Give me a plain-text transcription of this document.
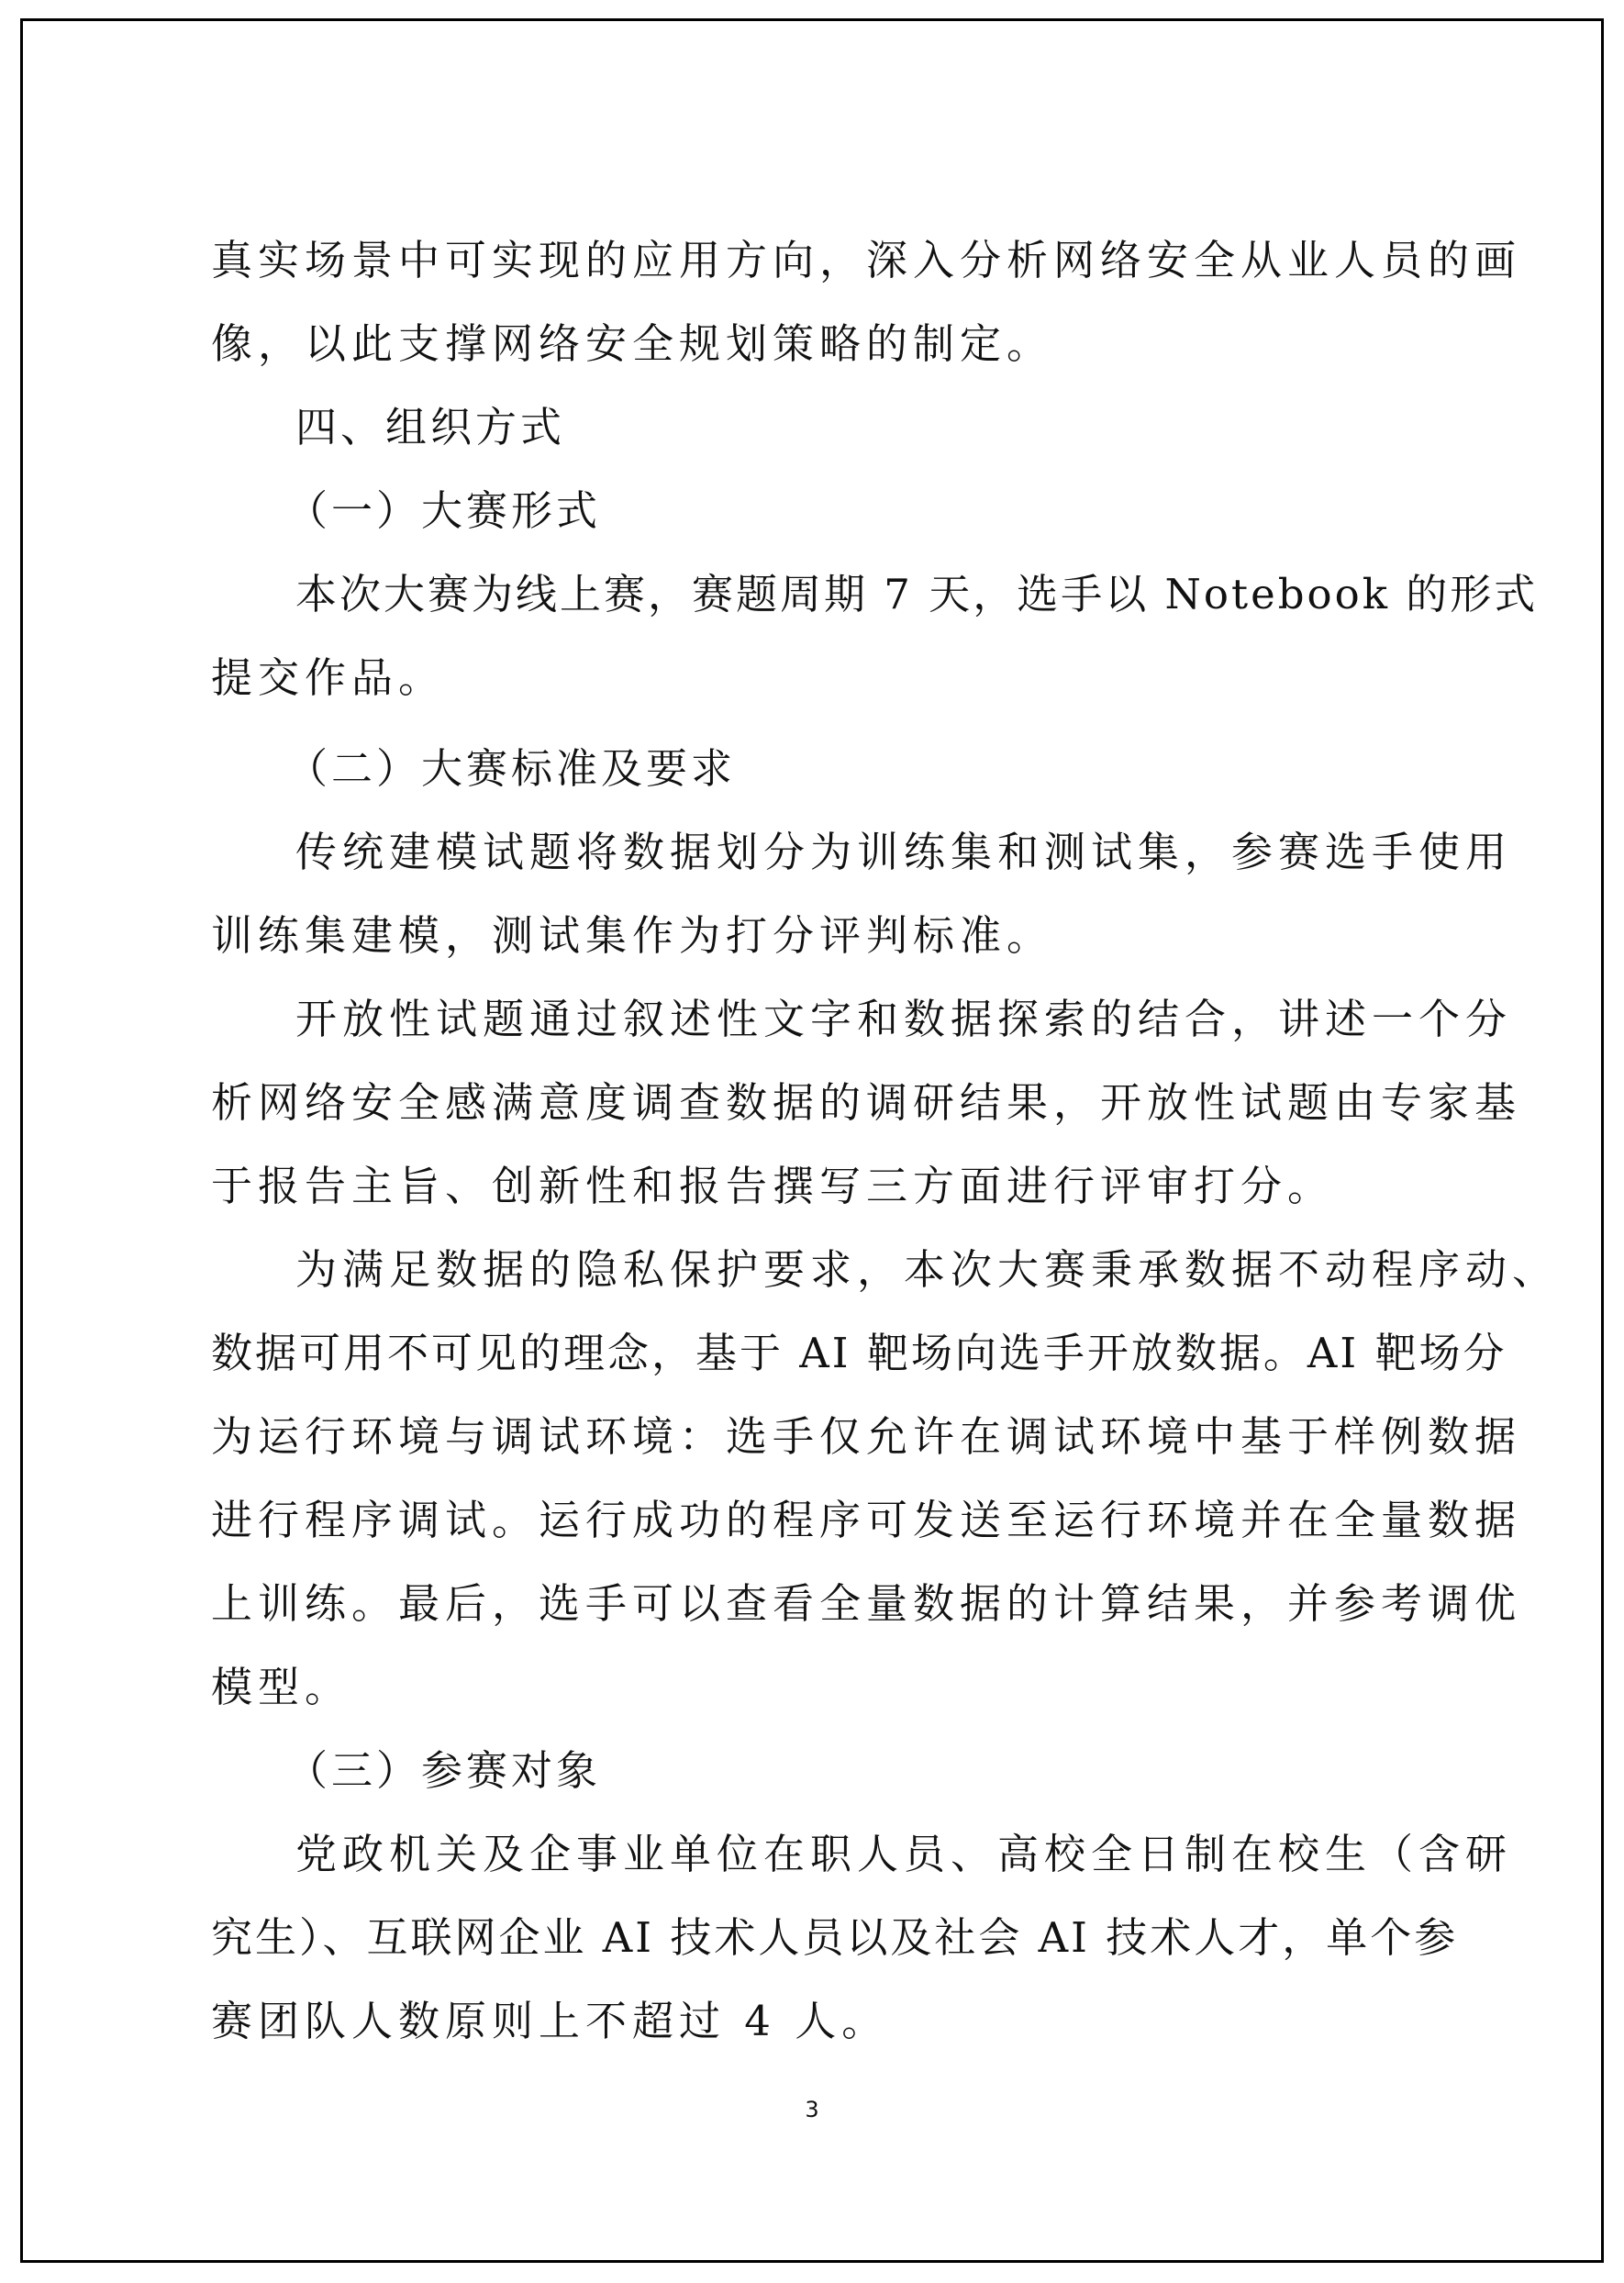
真实场景中可实现的应用方向，深入分析网络安全从业人员的画
像，以此支撑网络安全规划策略的制定。
四、组织方式
（一）大赛形式
本次大赛为线上赛，赛题周期 7 天，选手以 Notebook 的形式
提交作品。
（二）大赛标准及要求
传统建模试题将数据划分为训练集和测试集，参赛选手使用
训练集建模，测试集作为打分评判标准。
开放性试题通过叙述性文字和数据探索的结合，讲述一个分
析网络安全感满意度调查数据的调研结果，开放性试题由专家基
于报告主旨、创新性和报告撰写三方面进行评审打分。
为满足数据的隐私保护要求，本次大赛秉承数据不动程序动、
数据可用不可见的理念，基于 AI 靶场向选手开放数据。AI 靶场分
为运行环境与调试环境：选手仅允许在调试环境中基于样例数据
进行程序调试。运行成功的程序可发送至运行环境并在全量数据
上训练。最后，选手可以查看全量数据的计算结果，并参考调优
模型。
（三）参赛对象
党政机关及企事业单位在职人员、高校全日制在校生（含研
究生）、互联网企业 AI 技术人员以及社会 AI 技术人才，单个参
赛团队人数原则上不超过 4 人。
3
